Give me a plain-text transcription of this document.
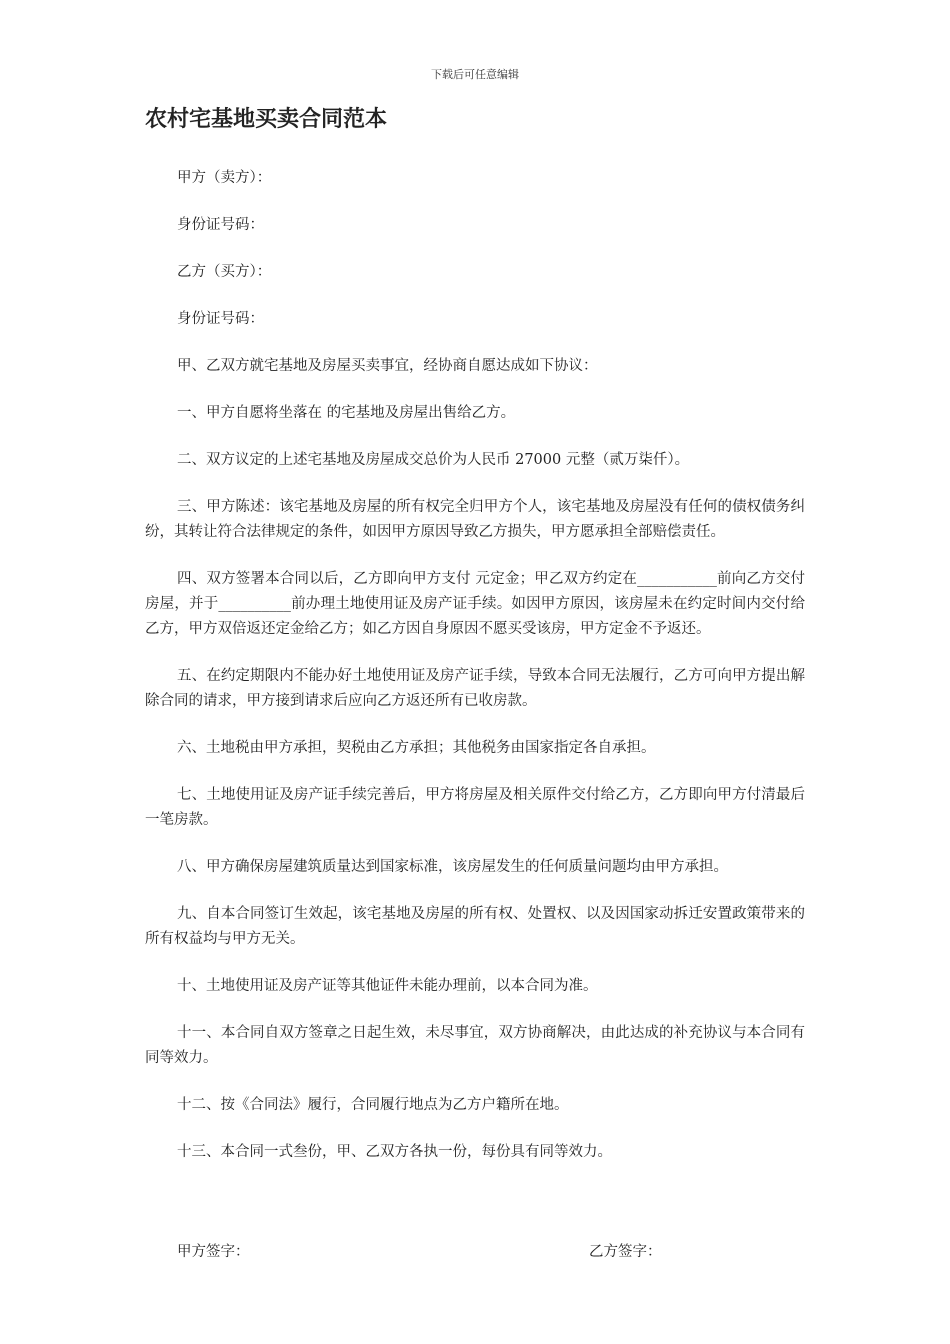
下载后可任意编辑
农村宅基地买卖合同范本

甲方（卖方）：

身份证号码：

乙方（买方）：

身份证号码：

甲、乙双方就宅基地及房屋买卖事宜，经协商自愿达成如下协议：

一、甲方自愿将坐落在 的宅基地及房屋出售给乙方。

二、双方议定的上述宅基地及房屋成交总价为人民币 27000 元整（贰万柒仟）。

三、甲方陈述：该宅基地及房屋的所有权完全归甲方个人，该宅基地及房屋没有任何的债权债务纠纷，其转让符合法律规定的条件，如因甲方原因导致乙方损失，甲方愿承担全部赔偿责任。

四、双方签署本合同以后，乙方即向甲方支付 元定金；甲乙双方约定在___________前向乙方交付房屋，并于__________前办理土地使用证及房产证手续。如因甲方原因，该房屋未在约定时间内交付给乙方，甲方双倍返还定金给乙方；如乙方因自身原因不愿买受该房，甲方定金不予返还。

五、在约定期限内不能办好土地使用证及房产证手续，导致本合同无法履行，乙方可向甲方提出解除合同的请求，甲方接到请求后应向乙方返还所有已收房款。

六、土地税由甲方承担，契税由乙方承担；其他税务由国家指定各自承担。

七、土地使用证及房产证手续完善后，甲方将房屋及相关原件交付给乙方，乙方即向甲方付清最后一笔房款。

八、甲方确保房屋建筑质量达到国家标准，该房屋发生的任何质量问题均由甲方承担。

九、自本合同签订生效起，该宅基地及房屋的所有权、处置权、以及因国家动拆迁安置政策带来的所有权益均与甲方无关。

十、土地使用证及房产证等其他证件未能办理前，以本合同为准。

十一、本合同自双方签章之日起生效，未尽事宜，双方协商解决，由此达成的补充协议与本合同有同等效力。

十二、按《合同法》履行，合同履行地点为乙方户籍所在地。

十三、本合同一式叁份，甲、乙双方各执一份，每份具有同等效力。

甲方签字：	乙方签字：
